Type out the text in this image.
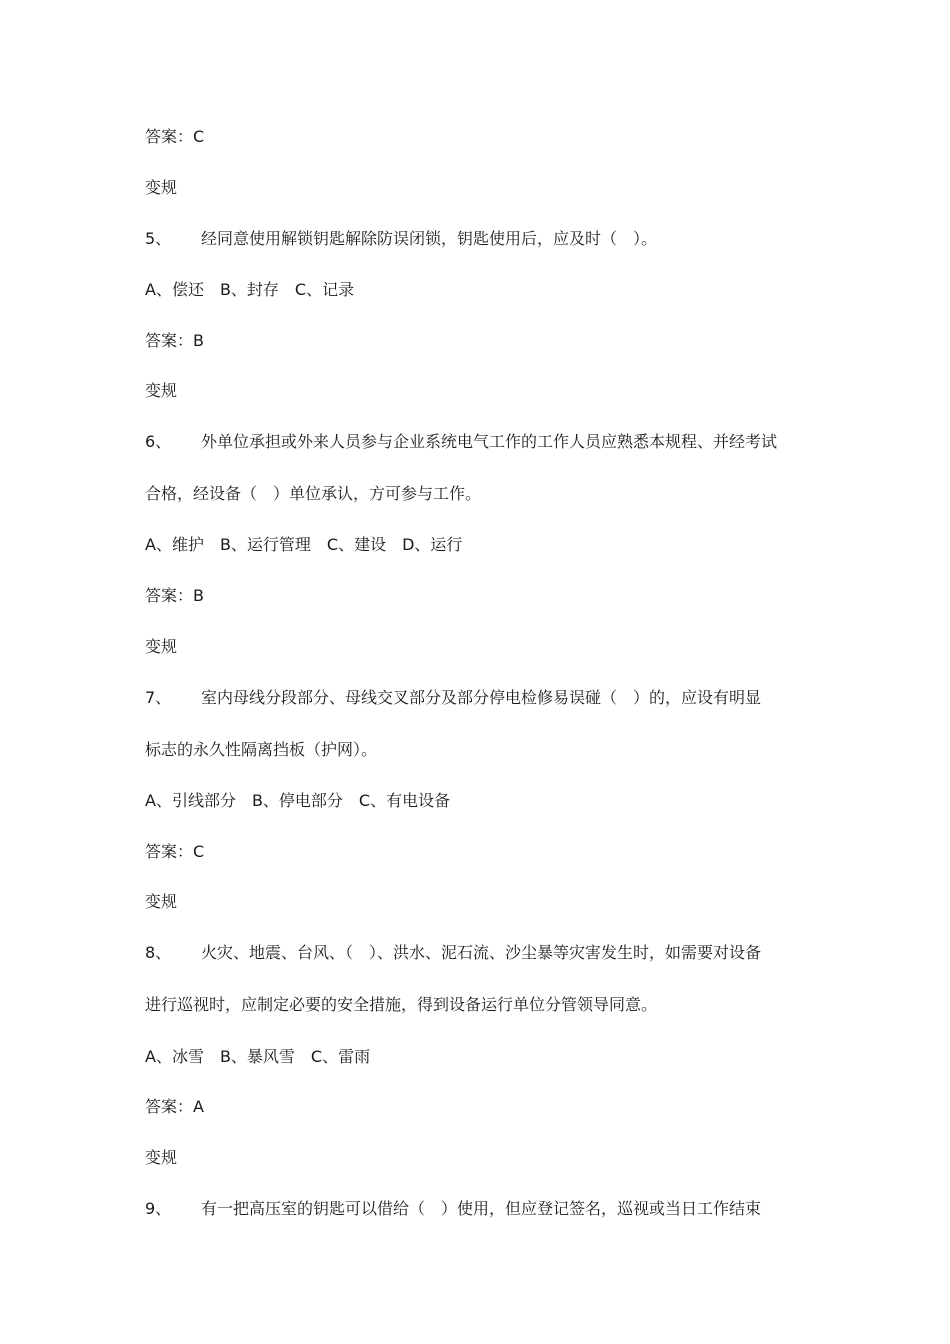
答案：C
变规
5、 经同意使用解锁钥匙解除防误闭锁，钥匙使用后，应及时（　）。
A、偿还　B、封存　C、记录
答案：B
变规
6、 外单位承担或外来人员参与企业系统电气工作的工作人员应熟悉本规程、并经考试
合格，经设备（　）单位承认，方可参与工作。
A、维护　B、运行管理　C、建设　D、运行
答案：B
变规
7、 室内母线分段部分、母线交叉部分及部分停电检修易误碰（　）的，应设有明显
标志的永久性隔离挡板（护网）。
A、引线部分　B、停电部分　C、有电设备
答案：C
变规
8、 火灾、地震、台风、（　）、洪水、泥石流、沙尘暴等灾害发生时，如需要对设备
进行巡视时，应制定必要的安全措施，得到设备运行单位分管领导同意。
A、冰雪　B、暴风雪　C、雷雨
答案：A
变规
9、 有一把高压室的钥匙可以借给（　）使用，但应登记签名，巡视或当日工作结束
